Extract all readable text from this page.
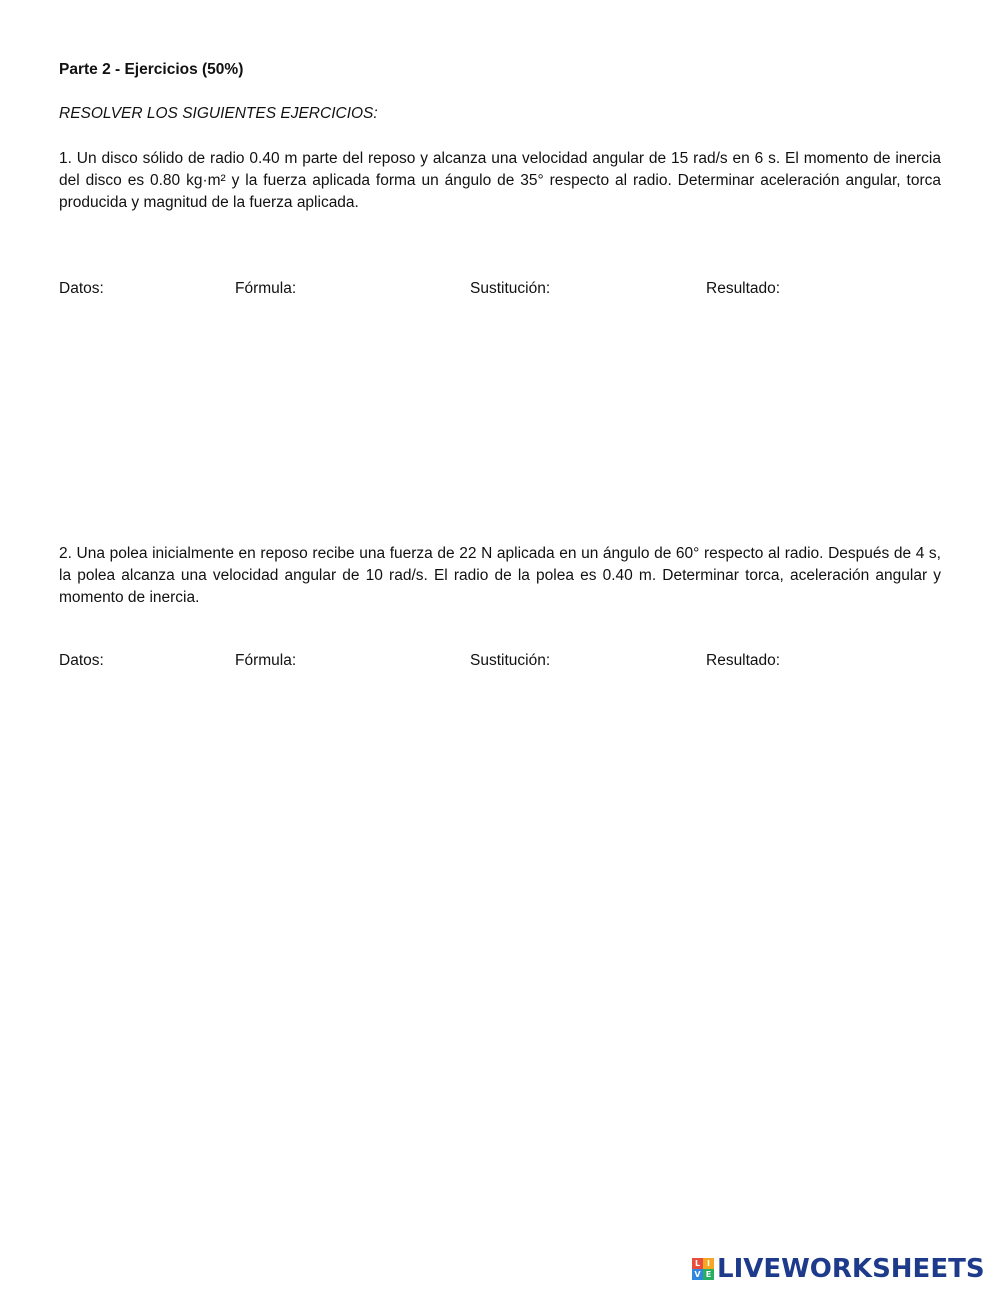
Parte 2 - Ejercicios (50%)
RESOLVER LOS SIGUIENTES EJERCICIOS:
1. Un disco sólido de radio 0.40 m parte del reposo y alcanza una velocidad angular de 15 rad/s en 6 s. El momento de inercia del disco es 0.80 kg·m² y la fuerza aplicada forma un ángulo de 35° respecto al radio. Determinar aceleración angular, torca producida y magnitud de la fuerza aplicada.
Datos:	Fórmula:	Sustitución:	Resultado:
2. Una polea inicialmente en reposo recibe una fuerza de 22 N aplicada en un ángulo de 60° respecto al radio. Después de 4 s, la polea alcanza una velocidad angular de 10 rad/s. El radio de la polea es 0.40 m. Determinar torca, aceleración angular y momento de inercia.
Datos:	Fórmula:	Sustitución:	Resultado:
L I
V E LIVEWORKSHEETS
